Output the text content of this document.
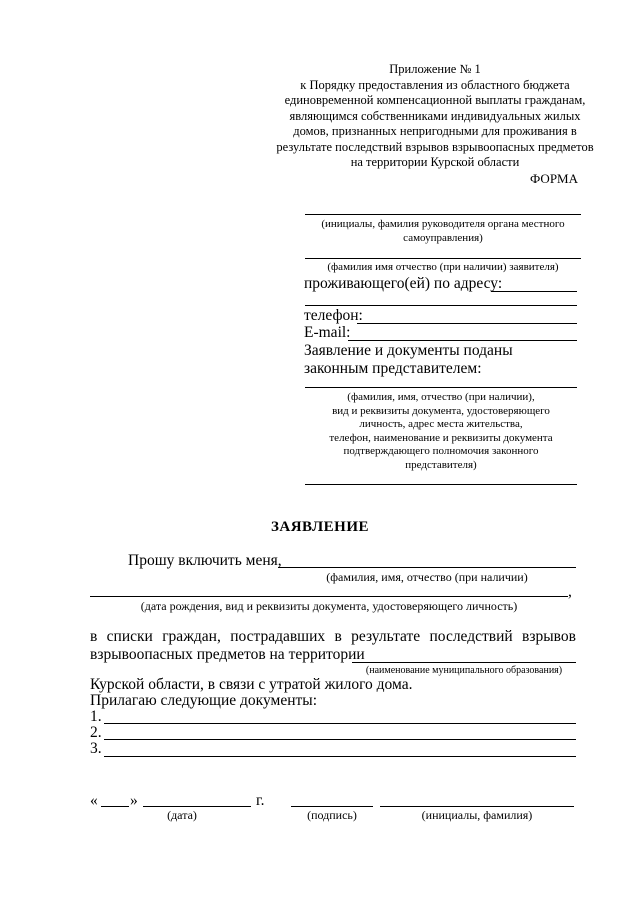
Приложение № 1
к Порядку предоставления из областного бюджета
единовременной компенсационной выплаты гражданам,
являющимся собственниками индивидуальных жилых
домов, признанных непригодными для проживания в
результате последствий взрывов взрывоопасных предметов
на территории Курской области
ФОРМА
(инициалы, фамилия руководителя органа местного
самоуправления)
(фамилия имя отчество (при наличии) заявителя)
проживающего(ей) по адресу:
телефон:
E-mail:
Заявление и документы поданы
законным представителем:
(фамилия, имя, отчество (при наличии),
вид и реквизиты документа, удостоверяющего
личность, адрес места жительства,
телефон, наименование и реквизиты документа
подтверждающего полномочия законного
представителя)
ЗАЯВЛЕНИЕ
Прошу включить меня,
(фамилия, имя, отчество (при наличии)
,
(дата рождения, вид и реквизиты документа, удостоверяющего личность)
в списки граждан, пострадавших в результате последствий взрывов
взрывоопасных предметов на территории
(наименование муниципального образования)
Курской области, в связи с утратой жилого дома.
Прилагаю следующие документы:
1.
2.
3.
« »	г.
(дата)	(подпись)	(инициалы, фамилия)
